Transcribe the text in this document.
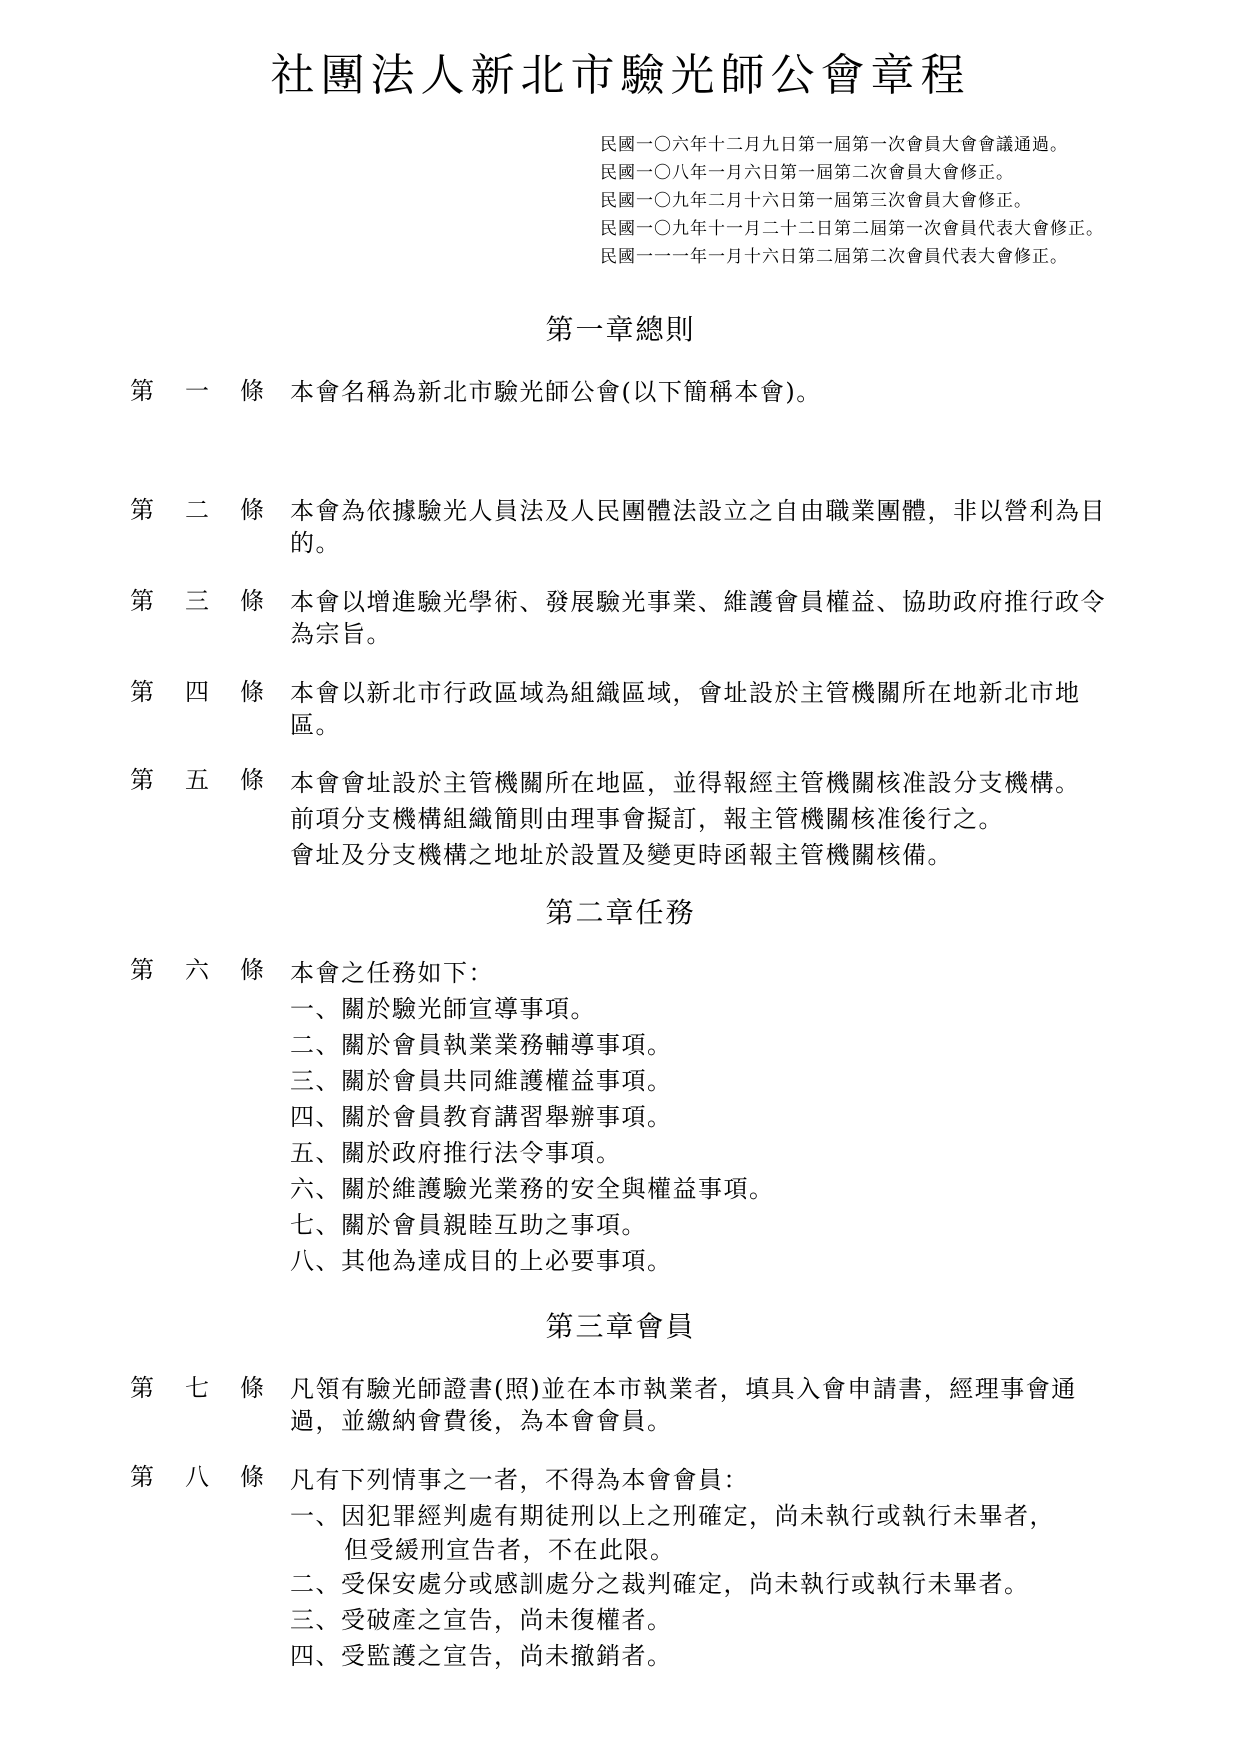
社團法人新北市驗光師公會章程
民國一〇六年十二月九日第一屆第一次會員大會會議通過。
民國一〇八年一月六日第一屆第二次會員大會修正。
民國一〇九年二月十六日第一屆第三次會員大會修正。
民國一〇九年十一月二十二日第二屆第一次會員代表大會修正。
民國一一一年一月十六日第二屆第二次會員代表大會修正。
第一章總則
第 一 條 本會名稱為新北市驗光師公會(以下簡稱本會)。
第 二 條 本會為依據驗光人員法及人民團體法設立之自由職業團體，非以營利為目的。
第 三 條 本會以增進驗光學術、發展驗光事業、維護會員權益、協助政府推行政令為宗旨。
第 四 條 本會以新北市行政區域為組織區域，會址設於主管機關所在地新北市地區。
第 五 條 本會會址設於主管機關所在地區，並得報經主管機關核准設分支機構。
前項分支機構組織簡則由理事會擬訂，報主管機關核准後行之。
會址及分支機構之地址於設置及變更時函報主管機關核備。
第二章任務
第 六 條 本會之任務如下：
一、關於驗光師宣導事項。
二、關於會員執業業務輔導事項。
三、關於會員共同維護權益事項。
四、關於會員教育講習舉辦事項。
五、關於政府推行法令事項。
六、關於維護驗光業務的安全與權益事項。
七、關於會員親睦互助之事項。
八、其他為達成目的上必要事項。
第三章會員
第 七 條 凡領有驗光師證書(照)並在本市執業者，填具入會申請書，經理事會通過，並繳納會費後，為本會會員。
第 八 條 凡有下列情事之一者，不得為本會會員：
一、因犯罪經判處有期徒刑以上之刑確定，尚未執行或執行未畢者，
但受緩刑宣告者，不在此限。
二、受保安處分或感訓處分之裁判確定，尚未執行或執行未畢者。
三、受破產之宣告，尚未復權者。
四、受監護之宣告，尚未撤銷者。
